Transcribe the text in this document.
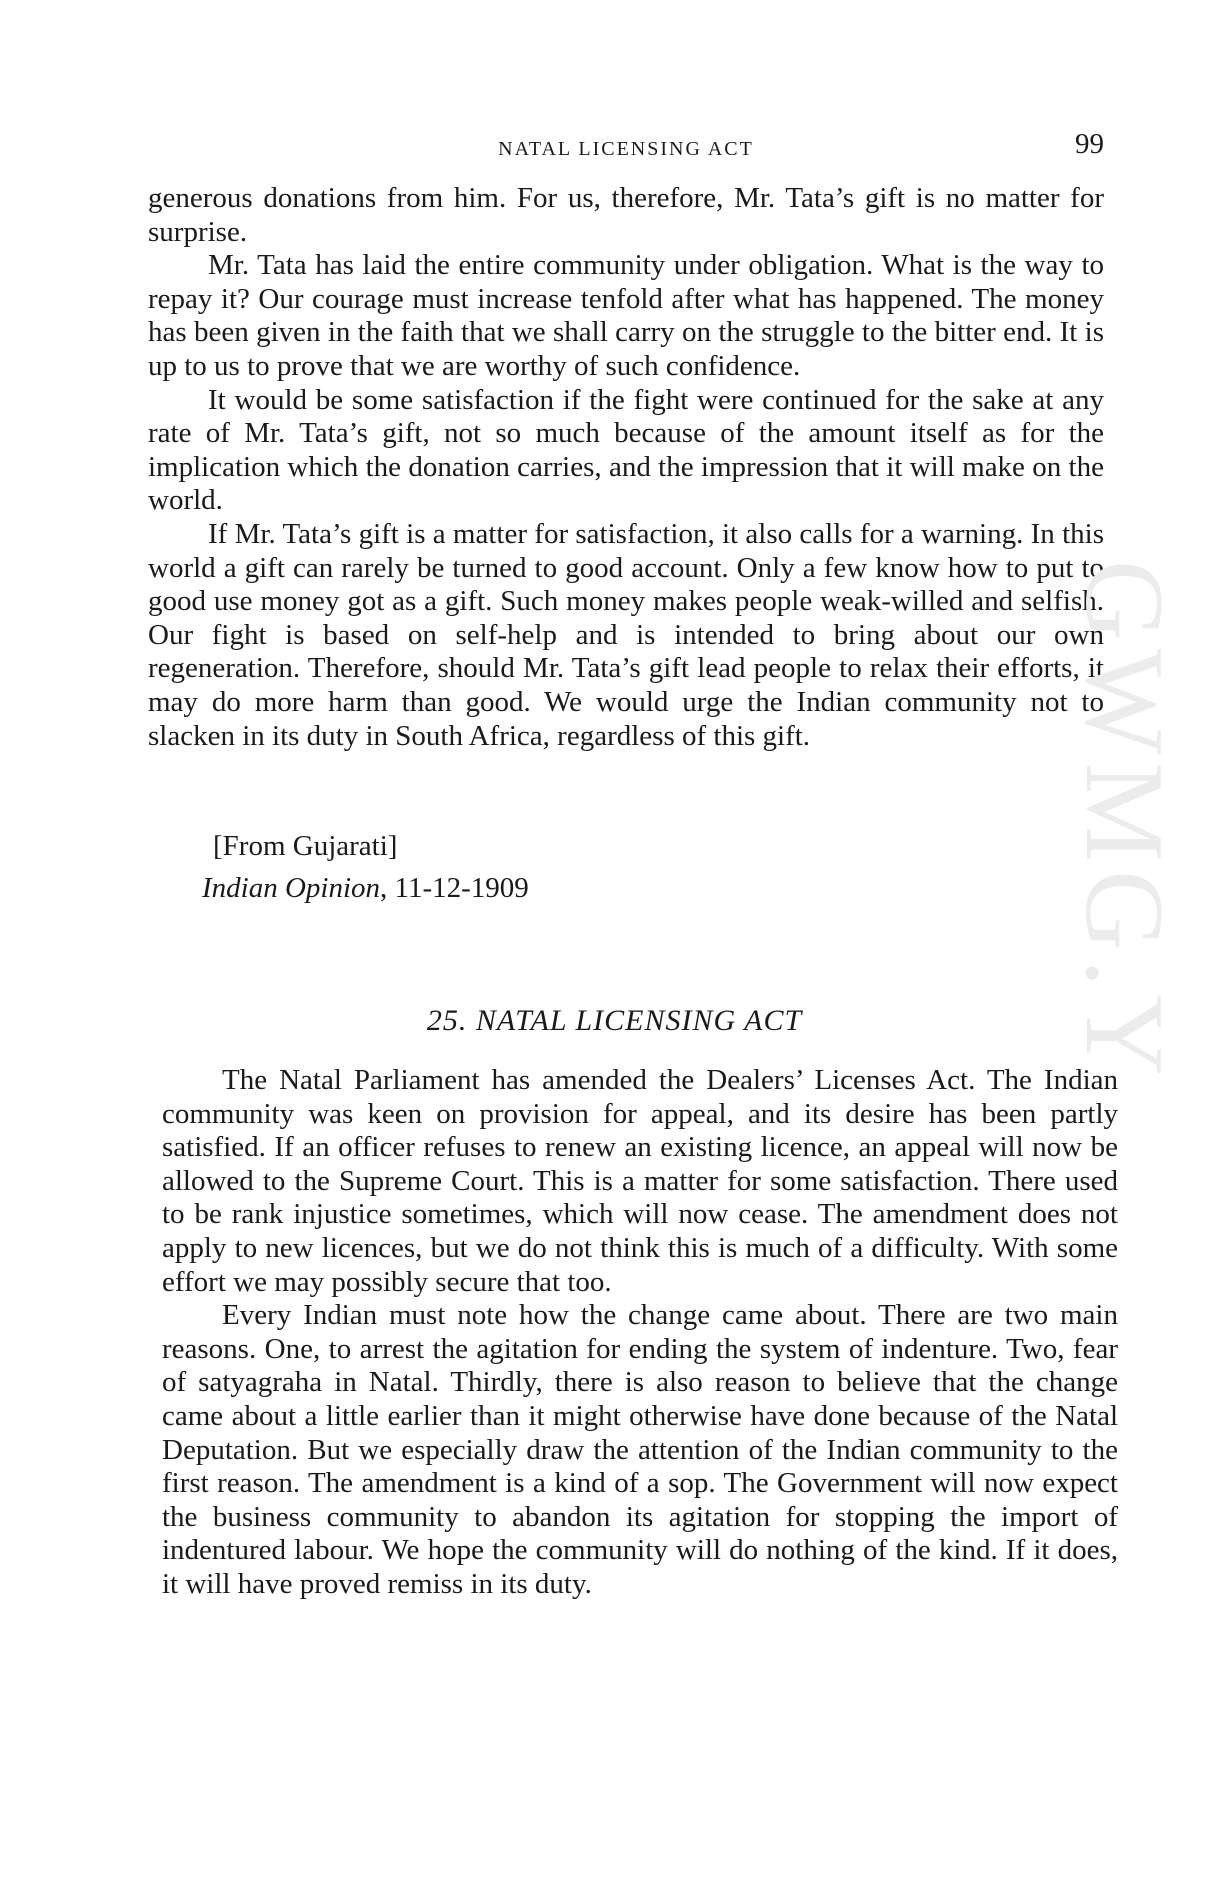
NATAL LICENSING ACT	99

generous donations from him. For us, therefore, Mr. Tata’s gift is no matter for surprise.

Mr. Tata has laid the entire community under obligation. What is the way to repay it? Our courage must increase tenfold after what has happened. The money has been given in the faith that we shall carry on the struggle to the bitter end. It is up to us to prove that we are worthy of such confidence.

It would be some satisfaction if the fight were continued for the sake at any rate of Mr. Tata’s gift, not so much because of the amount itself as for the implication which the donation carries, and the impression that it will make on the world.

If Mr. Tata’s gift is a matter for satisfaction, it also calls for a warning. In this world a gift can rarely be turned to good account. Only a few know how to put to good use money got as a gift. Such money makes people weak-willed and selfish. Our fight is based on self-help and is intended to bring about our own regeneration. Therefore, should Mr. Tata’s gift lead people to relax their efforts, it may do more harm than good. We would urge the Indian community not to slacken in its duty in South Africa, regardless of this gift.

[From Gujarati]
Indian Opinion, 11-12-1909
25. NATAL LICENSING ACT

The Natal Parliament has amended the Dealers’ Licenses Act. The Indian community was keen on provision for appeal, and its desire has been partly satisfied. If an officer refuses to renew an existing licence, an appeal will now be allowed to the Supreme Court. This is a matter for some satisfaction. There used to be rank injustice sometimes, which will now cease. The amendment does not apply to new licences, but we do not think this is much of a difficulty. With some effort we may possibly secure that too.

Every Indian must note how the change came about. There are two main reasons. One, to arrest the agitation for ending the system of indenture. Two, fear of satyagraha in Natal. Thirdly, there is also reason to believe that the change came about a little earlier than it might otherwise have done because of the Natal Deputation. But we especially draw the attention of the Indian community to the first reason. The amendment is a kind of a sop. The Government will now expect the business community to abandon its agitation for stopping the import of indentured labour. We hope the community will do nothing of the kind. If it does, it will have proved remiss in its duty.

GWMG.Y
